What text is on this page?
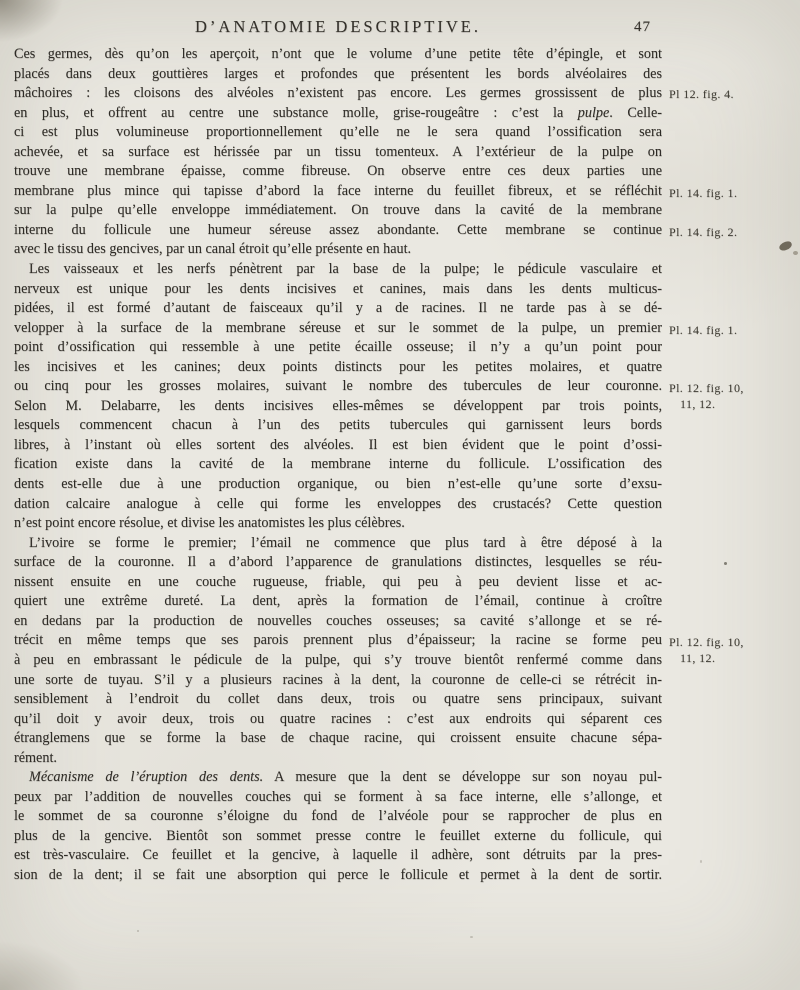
D’ANATOMIE DESCRIPTIVE.	47
Ces germes, dès qu’on les aperçoit, n’ont que le volume d’une petite tête d’épingle, et sont
placés dans deux gouttières larges et profondes que présentent les bords alvéolaires des
mâchoires : les cloisons des alvéoles n’existent pas encore. Les germes grossissent de plus
en plus, et offrent au centre une substance molle, grise-rougeâtre : c’est la pulpe. Celle-
ci est plus volumineuse proportionnellement qu’elle ne le sera quand l’ossification sera
achevée, et sa surface est hérissée par un tissu tomenteux. A l’extérieur de la pulpe on
trouve une membrane épaisse, comme fibreuse. On observe entre ces deux parties une
membrane plus mince qui tapisse d’abord la face interne du feuillet fibreux, et se réfléchit
sur la pulpe qu’elle enveloppe immédiatement. On trouve dans la cavité de la membrane
interne du follicule une humeur séreuse assez abondante. Cette membrane se continue
avec le tissu des gencives, par un canal étroit qu’elle présente en haut.
Les vaisseaux et les nerfs pénètrent par la base de la pulpe; le pédicule vasculaire et
nerveux est unique pour les dents incisives et canines, mais dans les dents multicus-
pidées, il est formé d’autant de faisceaux qu’il y a de racines. Il ne tarde pas à se dé-
velopper à la surface de la membrane séreuse et sur le sommet de la pulpe, un premier
point d’ossification qui ressemble à une petite écaille osseuse; il n’y a qu’un point pour
les incisives et les canines; deux points distincts pour les petites molaires, et quatre
ou cinq pour les grosses molaires, suivant le nombre des tubercules de leur couronne.
Selon M. Delabarre, les dents incisives elles-mêmes se développent par trois points,
lesquels commencent chacun à l’un des petits tubercules qui garnissent leurs bords
libres, à l’instant où elles sortent des alvéoles. Il est bien évident que le point d’ossi-
fication existe dans la cavité de la membrane interne du follicule. L’ossification des
dents est-elle due à une production organique, ou bien n’est-elle qu’une sorte d’exsu-
dation calcaire analogue à celle qui forme les enveloppes des crustacés? Cette question
n’est point encore résolue, et divise les anatomistes les plus célèbres.
L’ivoire se forme le premier; l’émail ne commence que plus tard à être déposé à la
surface de la couronne. Il a d’abord l’apparence de granulations distinctes, lesquelles se réu-
nissent ensuite en une couche rugueuse, friable, qui peu à peu devient lisse et ac-
quiert une extrême dureté. La dent, après la formation de l’émail, continue à croître
en dedans par la production de nouvelles couches osseuses; sa cavité s’allonge et se ré-
trécit en même temps que ses parois prennent plus d’épaisseur; la racine se forme peu
à peu en embrassant le pédicule de la pulpe, qui s’y trouve bientôt renfermé comme dans
une sorte de tuyau. S’il y a plusieurs racines à la dent, la couronne de celle-ci se rétrécit in-
sensiblement à l’endroit du collet dans deux, trois ou quatre sens principaux, suivant
qu’il doit y avoir deux, trois ou quatre racines : c’est aux endroits qui séparent ces
étranglemens que se forme la base de chaque racine, qui croissent ensuite chacune sépa-
rément.
Mécanisme de l’éruption des dents. A mesure que la dent se développe sur son noyau pul-
peux par l’addition de nouvelles couches qui se forment à sa face interne, elle s’allonge, et
le sommet de sa couronne s’éloigne du fond de l’alvéole pour se rapprocher de plus en
plus de la gencive. Bientôt son sommet presse contre le feuillet externe du follicule, qui
est très-vasculaire. Ce feuillet et la gencive, à laquelle il adhère, sont détruits par la pres-
sion de la dent; il se fait une absorption qui perce le follicule et permet à la dent de sortir.
Pl 12. fig. 4.
Pl. 14. fig. 1.
Pl. 14. fig. 2.
Pl. 14. fig. 1.
Pl. 12. fig. 10,
11, 12.
Pl. 12. fig. 10,
11, 12.
